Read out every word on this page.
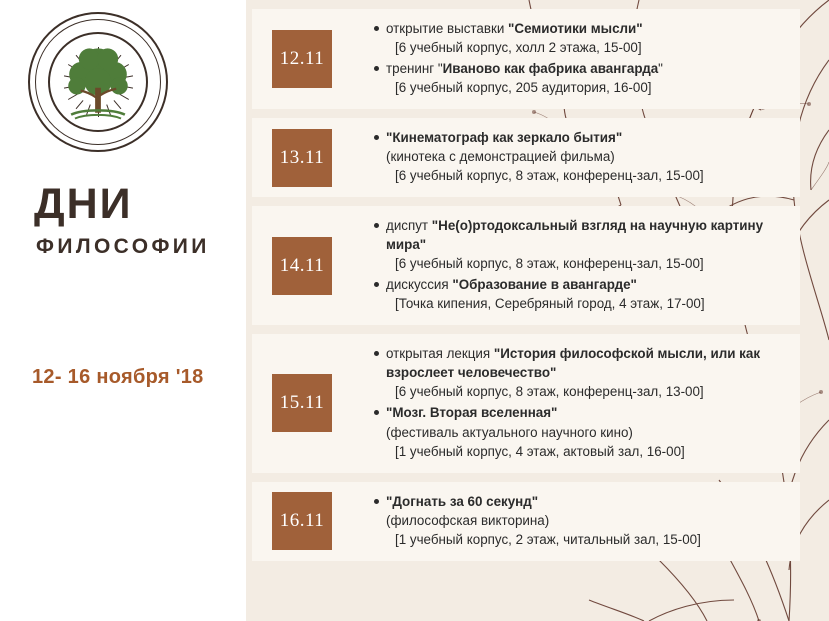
ДНИ
ФИЛОСОФИИ
12- 16 ноября '18
12.11
открытие выставки "Семиотики мысли"
[6 учебный корпус, холл 2 этажа, 15-00]
тренинг "Иваново как фабрика авангарда"
[6 учебный корпус, 205 аудитория, 16-00]
13.11
"Кинематограф как зеркало бытия"
(кинотека с демонстрацией фильма)
[6 учебный корпус, 8 этаж, конференц-зал, 15-00]
14.11
диспут "Не(о)ртодоксальный взгляд на научную картину мира"
[6 учебный корпус, 8 этаж, конференц-зал, 15-00]
дискуссия "Образование в авангарде"
[Точка кипения, Серебряный город, 4 этаж, 17-00]
15.11
открытая лекция "История философской мысли, или как взрослеет человечество"
[6 учебный корпус, 8 этаж, конференц-зал, 13-00]
"Мозг. Вторая вселенная"
(фестиваль актуального научного кино)
[1 учебный корпус, 4 этаж, актовый зал, 16-00]
16.11
"Догнать за 60 секунд"
(философская викторина)
[1 учебный корпус, 2 этаж, читальный зал, 15-00]
